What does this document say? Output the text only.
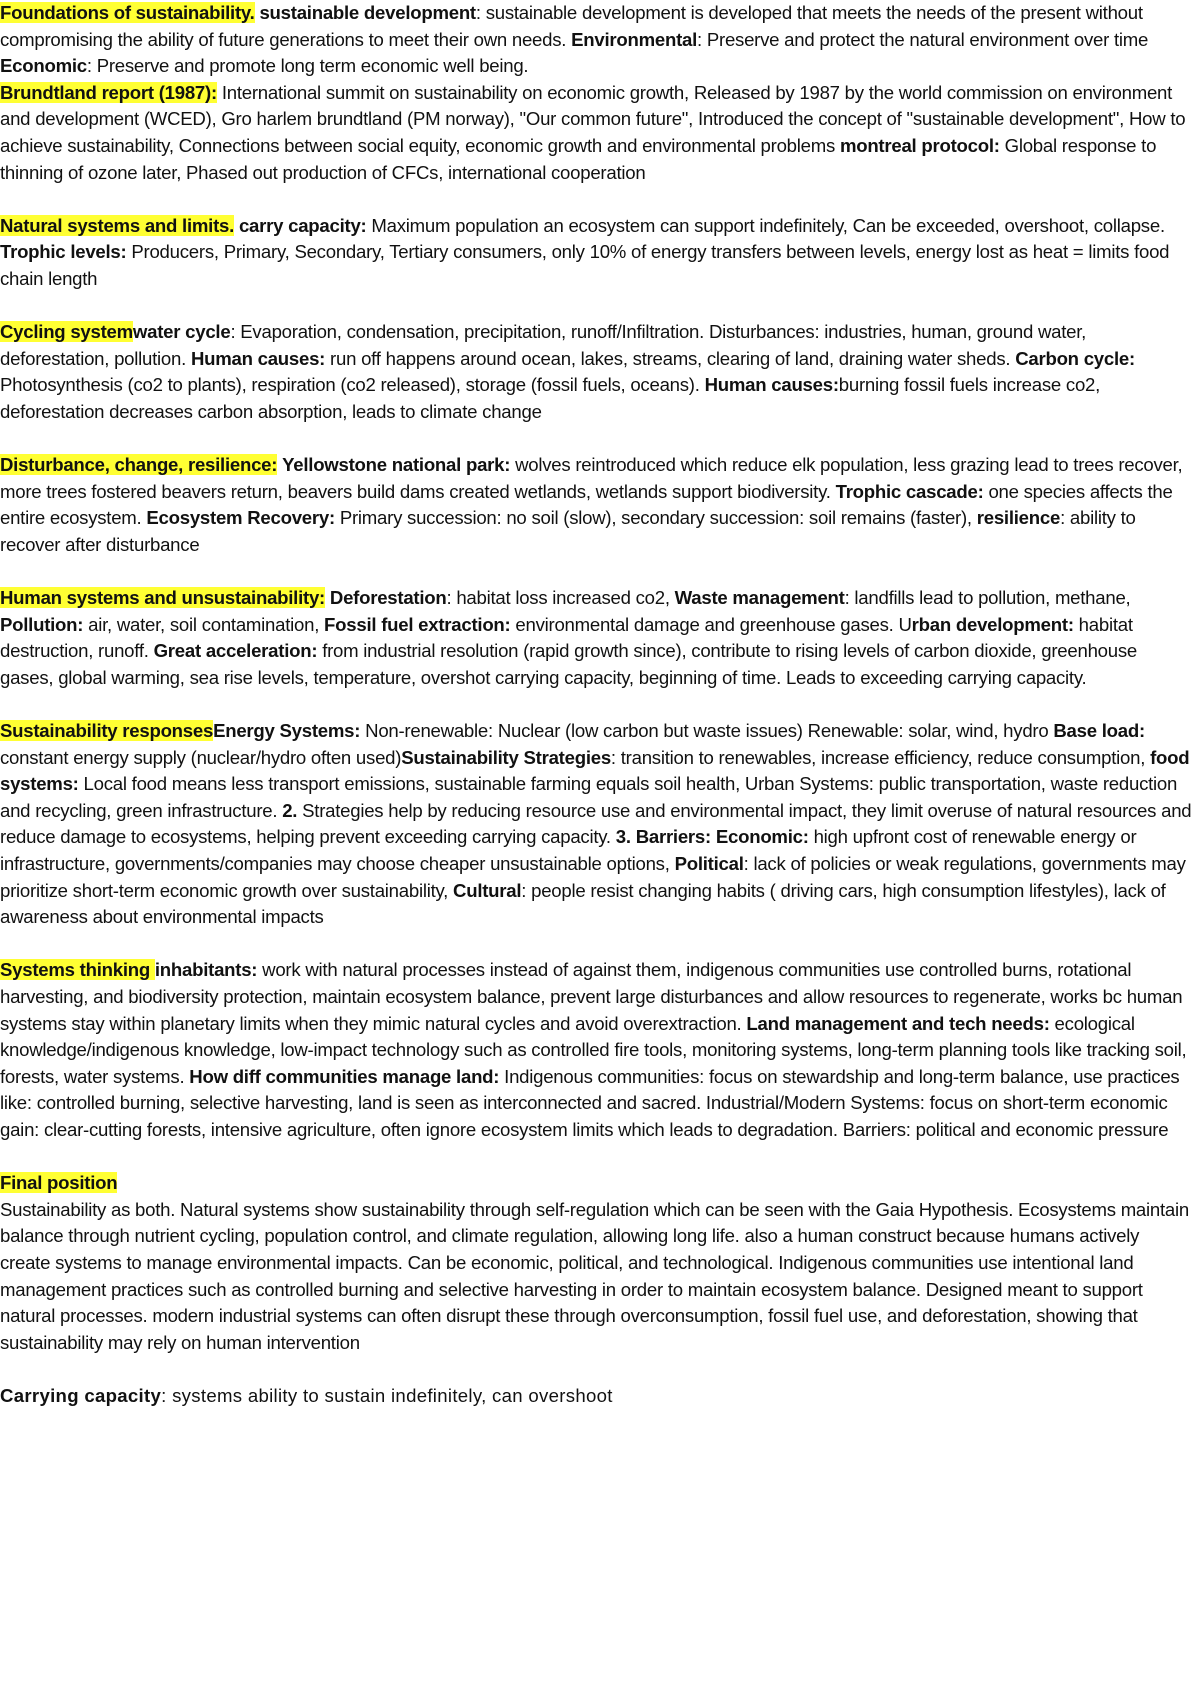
Foundations of sustainability. sustainable development: sustainable development is developed that meets the needs of the present without compromising the ability of future generations to meet their own needs. Environmental: Preserve and protect the natural environment over time Economic: Preserve and promote long term economic well being.

Brundtland report (1987): International summit on sustainability on economic growth, Released by 1987 by the world commission on environment and development (WCED), Gro harlem brundtland (PM norway), "Our common future", Introduced the concept of "sustainable development", How to achieve sustainability, Connections between social equity, economic growth and environmental problems montreal protocol: Global response to thinning of ozone later, Phased out production of CFCs, international cooperation

Natural systems and limits. carry capacity: Maximum population an ecosystem can support indefinitely, Can be exceeded, overshoot, collapse. Trophic levels: Producers, Primary, Secondary, Tertiary consumers, only 10% of energy transfers between levels, energy lost as heat = limits food chain length

Cycling systemwater cycle: Evaporation, condensation, precipitation, runoff/Infiltration. Disturbances: industries, human, ground water, deforestation, pollution. Human causes: run off happens around ocean, lakes, streams, clearing of land, draining water sheds. Carbon cycle: Photosynthesis (co2 to plants), respiration (co2 released), storage (fossil fuels, oceans). Human causes:burning fossil fuels increase co2, deforestation decreases carbon absorption, leads to climate change

Disturbance, change, resilience: Yellowstone national park: wolves reintroduced which reduce elk population, less grazing lead to trees recover, more trees fostered beavers return, beavers build dams created wetlands, wetlands support biodiversity. Trophic cascade: one species affects the entire ecosystem. Ecosystem Recovery: Primary succession: no soil (slow), secondary succession: soil remains (faster), resilience: ability to recover after disturbance

Human systems and unsustainability: Deforestation: habitat loss increased co2, Waste management: landfills lead to pollution, methane, Pollution: air, water, soil contamination, Fossil fuel extraction: environmental damage and greenhouse gases. Urban development: habitat destruction, runoff. Great acceleration: from industrial resolution (rapid growth since), contribute to rising levels of carbon dioxide, greenhouse gases, global warming, sea rise levels, temperature, overshot carrying capacity, beginning of time. Leads to exceeding carrying capacity.

Sustainability responsesEnergy Systems: Non-renewable: Nuclear (low carbon but waste issues) Renewable: solar, wind, hydro Base load: constant energy supply (nuclear/hydro often used)Sustainability Strategies: transition to renewables, increase efficiency, reduce consumption, food systems: Local food means less transport emissions, sustainable farming equals soil health, Urban Systems: public transportation, waste reduction and recycling, green infrastructure. 2. Strategies help by reducing resource use and environmental impact, they limit overuse of natural resources and reduce damage to ecosystems, helping prevent exceeding carrying capacity. 3. Barriers: Economic: high upfront cost of renewable energy or infrastructure, governments/companies may choose cheaper unsustainable options, Political: lack of policies or weak regulations, governments may prioritize short-term economic growth over sustainability, Cultural: people resist changing habits ( driving cars, high consumption lifestyles), lack of awareness about environmental impacts

Systems thinking inhabitants: work with natural processes instead of against them, indigenous communities use controlled burns, rotational harvesting, and biodiversity protection, maintain ecosystem balance, prevent large disturbances and allow resources to regenerate, works bc human systems stay within planetary limits when they mimic natural cycles and avoid overextraction. Land management and tech needs: ecological knowledge/indigenous knowledge, low-impact technology such as controlled fire tools, monitoring systems, long-term planning tools like tracking soil, forests, water systems. How diff communities manage land: Indigenous communities: focus on stewardship and long-term balance, use practices like: controlled burning, selective harvesting, land is seen as interconnected and sacred. Industrial/Modern Systems: focus on short-term economic gain: clear-cutting forests, intensive agriculture, often ignore ecosystem limits which leads to degradation. Barriers: political and economic pressure

Final position

Sustainability as both. Natural systems show sustainability through self-regulation which can be seen with the Gaia Hypothesis. Ecosystems maintain balance through nutrient cycling, population control, and climate regulation, allowing long life. also a human construct because humans actively create systems to manage environmental impacts. Can be economic, political, and technological. Indigenous communities use intentional land management practices such as controlled burning and selective harvesting in order to maintain ecosystem balance. Designed meant to support natural processes. modern industrial systems can often disrupt these through overconsumption, fossil fuel use, and deforestation, showing that sustainability may rely on human intervention

Carrying capacity: systems ability to sustain indefinitely, can overshoot
